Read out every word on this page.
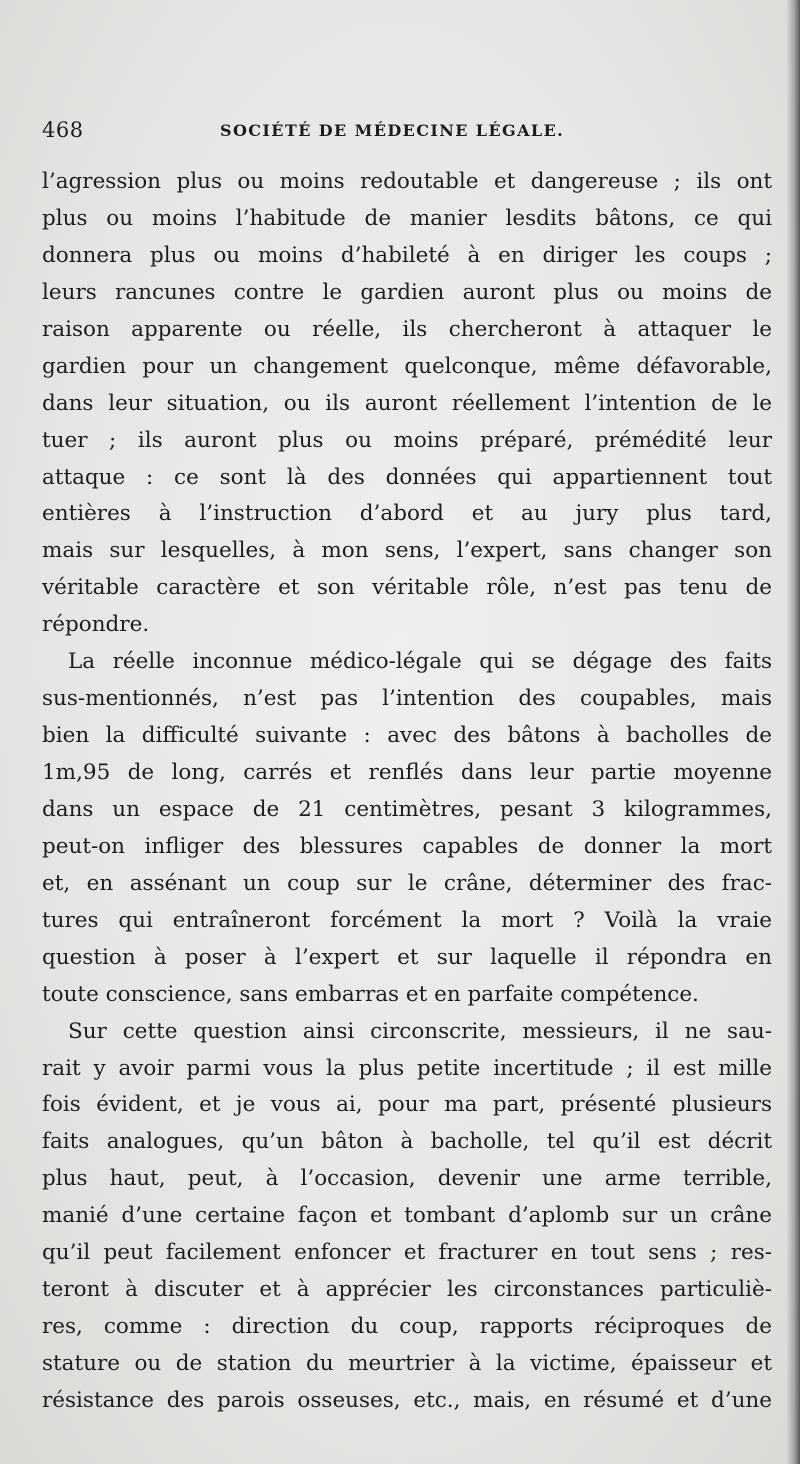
468	SOCIÉTÉ DE MÉDECINE LÉGALE.
l’agression plus ou moins redoutable et dangereuse ; ils ont
plus ou moins l’habitude de manier lesdits bâtons, ce qui
donnera plus ou moins d’habileté à en diriger les coups ;
leurs rancunes contre le gardien auront plus ou moins de
raison apparente ou réelle, ils chercheront à attaquer le
gardien pour un changement quelconque, même défavorable,
dans leur situation, ou ils auront réellement l’intention de le
tuer ; ils auront plus ou moins préparé, prémédité leur
attaque : ce sont là des données qui appartiennent tout
entières à l’instruction d’abord et au jury plus tard,
mais sur lesquelles, à mon sens, l’expert, sans changer son
véritable caractère et son véritable rôle, n’est pas tenu de
répondre.
La réelle inconnue médico-légale qui se dégage des faits
sus-mentionnés, n’est pas l’intention des coupables, mais
bien la difficulté suivante : avec des bâtons à bacholles de
1m,95 de long, carrés et renflés dans leur partie moyenne
dans un espace de 21 centimètres, pesant 3 kilogrammes,
peut-on infliger des blessures capables de donner la mort
et, en assénant un coup sur le crâne, déterminer des frac-
tures qui entraîneront forcément la mort ? Voilà la vraie
question à poser à l’expert et sur laquelle il répondra en
toute conscience, sans embarras et en parfaite compétence.
Sur cette question ainsi circonscrite, messieurs, il ne sau-
rait y avoir parmi vous la plus petite incertitude ; il est mille
fois évident, et je vous ai, pour ma part, présenté plusieurs
faits analogues, qu’un bâton à bacholle, tel qu’il est décrit
plus haut, peut, à l’occasion, devenir une arme terrible,
manié d’une certaine façon et tombant d’aplomb sur un crâne
qu’il peut facilement enfoncer et fracturer en tout sens ; res-
teront à discuter et à apprécier les circonstances particuliè-
res, comme : direction du coup, rapports réciproques de
stature ou de station du meurtrier à la victime, épaisseur et
résistance des parois osseuses, etc., mais, en résumé et d’une
